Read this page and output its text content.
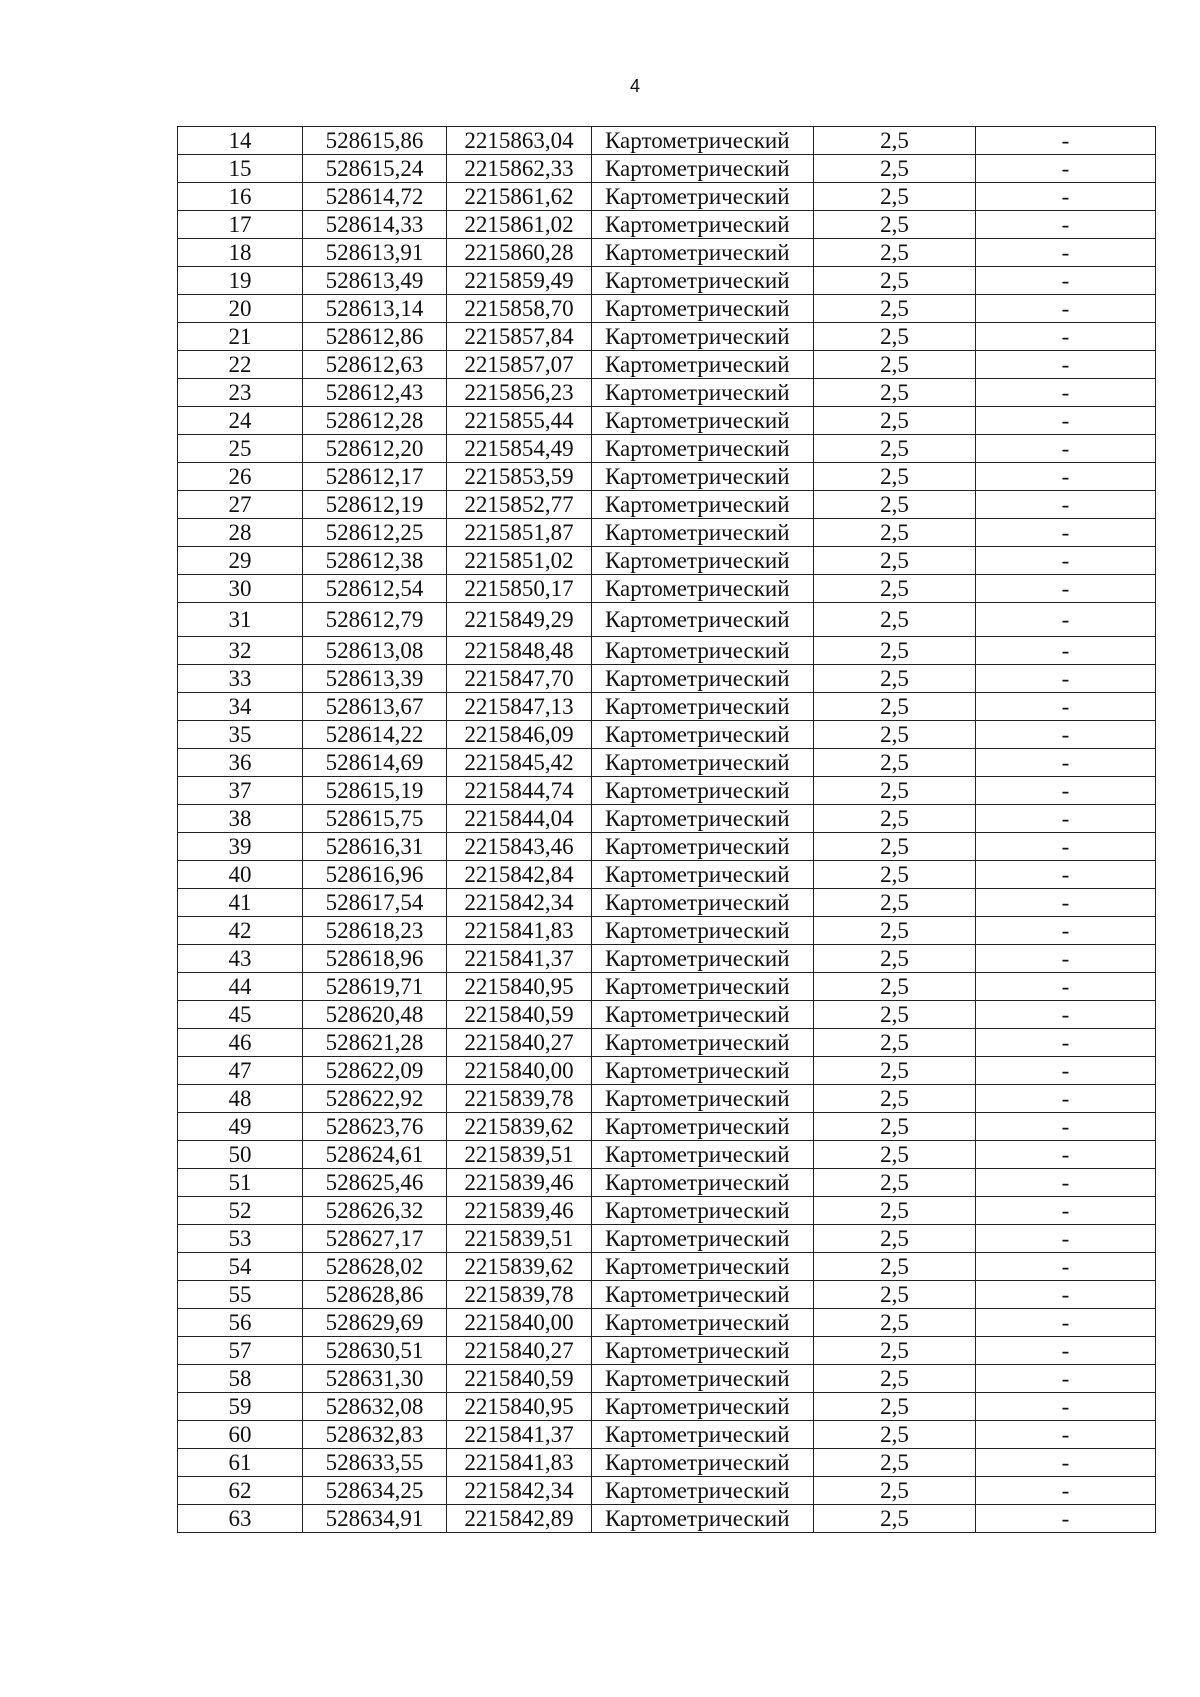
4
14	528615,86	2215863,04	Картометрический	2,5	-
15	528615,24	2215862,33	Картометрический	2,5	-
16	528614,72	2215861,62	Картометрический	2,5	-
17	528614,33	2215861,02	Картометрический	2,5	-
18	528613,91	2215860,28	Картометрический	2,5	-
19	528613,49	2215859,49	Картометрический	2,5	-
20	528613,14	2215858,70	Картометрический	2,5	-
21	528612,86	2215857,84	Картометрический	2,5	-
22	528612,63	2215857,07	Картометрический	2,5	-
23	528612,43	2215856,23	Картометрический	2,5	-
24	528612,28	2215855,44	Картометрический	2,5	-
25	528612,20	2215854,49	Картометрический	2,5	-
26	528612,17	2215853,59	Картометрический	2,5	-
27	528612,19	2215852,77	Картометрический	2,5	-
28	528612,25	2215851,87	Картометрический	2,5	-
29	528612,38	2215851,02	Картометрический	2,5	-
30	528612,54	2215850,17	Картометрический	2,5	-
31	528612,79	2215849,29	Картометрический	2,5	-
32	528613,08	2215848,48	Картометрический	2,5	-
33	528613,39	2215847,70	Картометрический	2,5	-
34	528613,67	2215847,13	Картометрический	2,5	-
35	528614,22	2215846,09	Картометрический	2,5	-
36	528614,69	2215845,42	Картометрический	2,5	-
37	528615,19	2215844,74	Картометрический	2,5	-
38	528615,75	2215844,04	Картометрический	2,5	-
39	528616,31	2215843,46	Картометрический	2,5	-
40	528616,96	2215842,84	Картометрический	2,5	-
41	528617,54	2215842,34	Картометрический	2,5	-
42	528618,23	2215841,83	Картометрический	2,5	-
43	528618,96	2215841,37	Картометрический	2,5	-
44	528619,71	2215840,95	Картометрический	2,5	-
45	528620,48	2215840,59	Картометрический	2,5	-
46	528621,28	2215840,27	Картометрический	2,5	-
47	528622,09	2215840,00	Картометрический	2,5	-
48	528622,92	2215839,78	Картометрический	2,5	-
49	528623,76	2215839,62	Картометрический	2,5	-
50	528624,61	2215839,51	Картометрический	2,5	-
51	528625,46	2215839,46	Картометрический	2,5	-
52	528626,32	2215839,46	Картометрический	2,5	-
53	528627,17	2215839,51	Картометрический	2,5	-
54	528628,02	2215839,62	Картометрический	2,5	-
55	528628,86	2215839,78	Картометрический	2,5	-
56	528629,69	2215840,00	Картометрический	2,5	-
57	528630,51	2215840,27	Картометрический	2,5	-
58	528631,30	2215840,59	Картометрический	2,5	-
59	528632,08	2215840,95	Картометрический	2,5	-
60	528632,83	2215841,37	Картометрический	2,5	-
61	528633,55	2215841,83	Картометрический	2,5	-
62	528634,25	2215842,34	Картометрический	2,5	-
63	528634,91	2215842,89	Картометрический	2,5	-
